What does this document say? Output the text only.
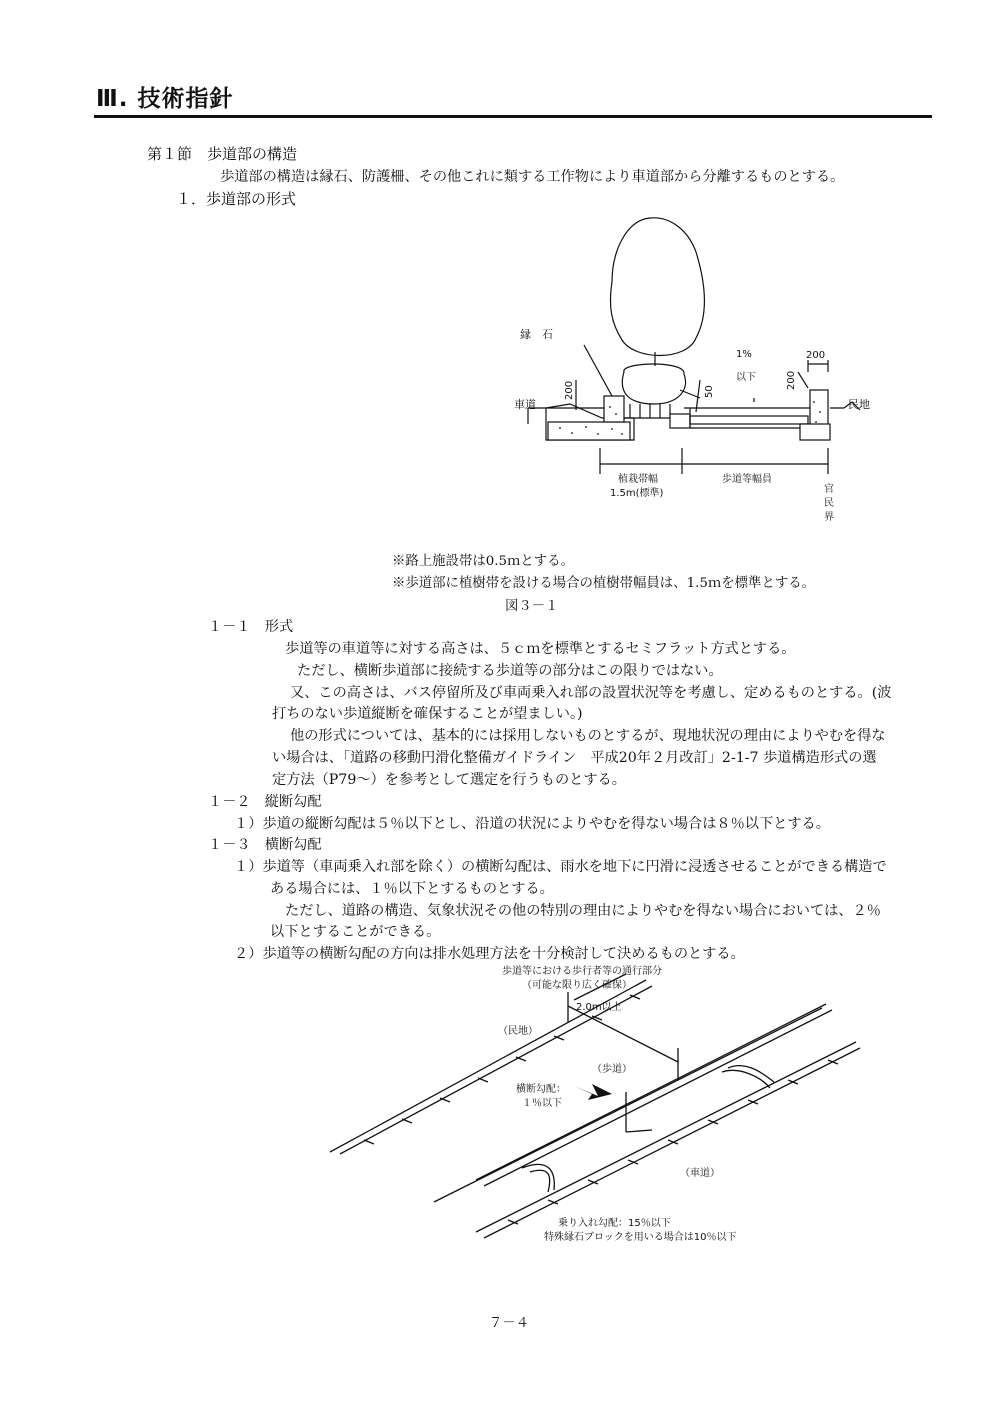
Ⅲ. 技術指針
第１節　歩道部の構造
歩道部の構造は縁石、防護柵、その他これに類する工作物により車道部から分離するものとする。
１．歩道部の形式
縁　石
車道	民地
200	50
200
200
1%
以下
植栽帯幅
1.5m(標準)
歩道等幅員
官
民
界
※路上施設帯は0.5ｍとする。
※歩道部に植樹帯を設ける場合の植樹帯幅員は、1.5ｍを標準とする。
図３－１
１－１　形式
歩道等の車道等に対する高さは、５ｃｍを標準とするセミフラット方式とする。
ただし、横断歩道部に接続する歩道等の部分はこの限りではない。
又、この高さは、バス停留所及び車両乗入れ部の設置状況等を考慮し、定めるものとする。(波
打ちのない歩道縦断を確保することが望ましい。)
他の形式については、基本的には採用しないものとするが、現地状況の理由によりやむを得な
い場合は、「道路の移動円滑化整備ガイドライン　平成20年２月改訂」2-1-7 歩道構造形式の選
定方法（P79～）を参考として選定を行うものとする。
１－２　縦断勾配
１）歩道の縦断勾配は５％以下とし、沿道の状況によりやむを得ない場合は８％以下とする。
１－３　横断勾配
１）歩道等（車両乗入れ部を除く）の横断勾配は、雨水を地下に円滑に浸透させることができる構造で
ある場合には、１％以下とするものとする。
ただし、道路の構造、気象状況その他の特別の理由によりやむを得ない場合においては、２％
以下とすることができる。
２）歩道等の横断勾配の方向は排水処理方法を十分検討して決めるものとする。
歩道等における歩行者等の通行部分
（可能な限り広く確保）
2.0m以上
（民地）
（歩道）
横断勾配：
１％以下
（車道）
乗り入れ勾配：15％以下
特殊縁石ブロックを用いる場合は10％以下
７－４
